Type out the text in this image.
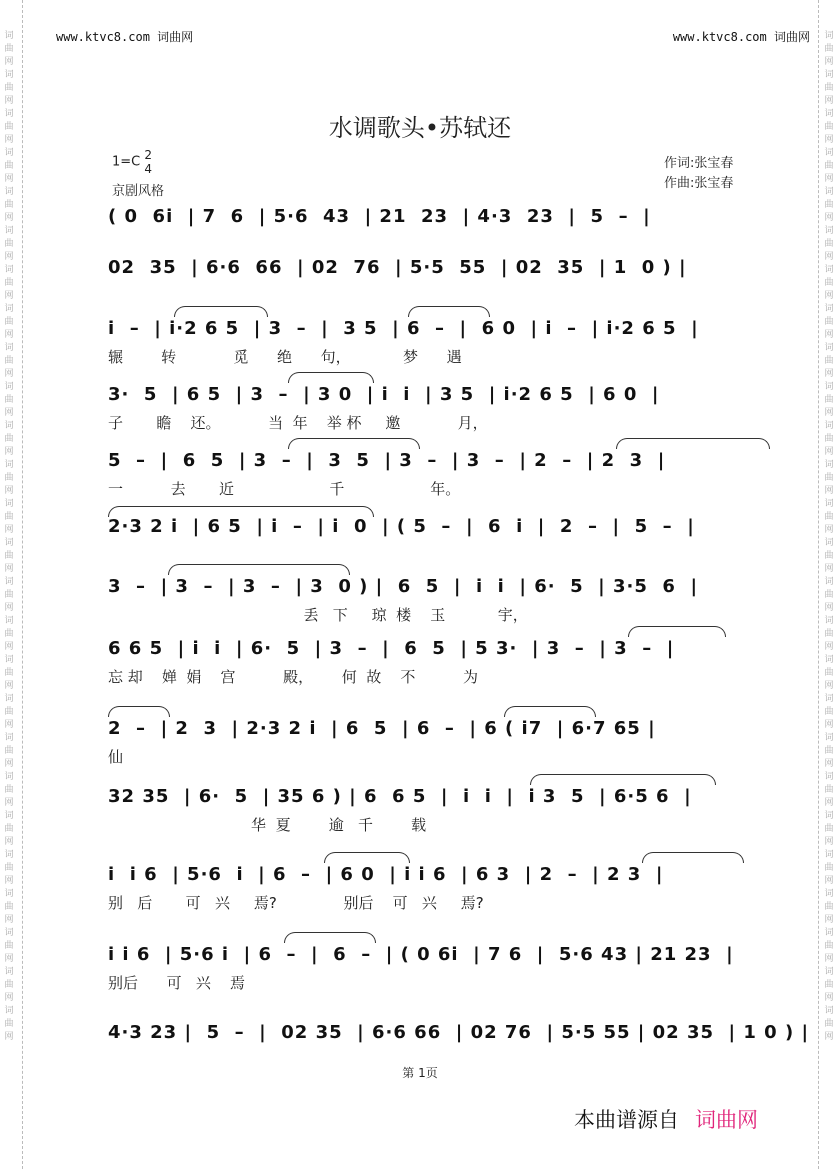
词曲网词曲网词曲网词曲网词曲网词曲网词曲网词曲网词曲网词曲网词曲网词曲网词曲网词曲网词曲网词曲网词曲网词曲网词曲网词曲网词曲网词曲网词曲网词曲网词曲网词曲网
词曲网词曲网词曲网词曲网词曲网词曲网词曲网词曲网词曲网词曲网词曲网词曲网词曲网词曲网词曲网词曲网词曲网词曲网词曲网词曲网词曲网词曲网词曲网词曲网词曲网词曲网
www.ktvc8.com 词曲网	www.ktvc8.com 词曲网
水调歌头•苏轼还
1=C 2
4
京剧风格
作词:张宝春
作曲:张宝春
( 0  6i  | 7  6  | 5·6  43  | 21  23  | 4·3  23  |  5  –  |
02  35  | 6·6  66  | 02  76  | 5·5  55  | 02  35  | 1  0 ) |
i  –  | i·2 6 5  | 3  –  |  3 5  | 6  –  |  6 0  | i  –  | i·2 6 5  |
辗        转            觅      绝      句，           梦      遇
3·  5  | 6 5  | 3  –  | 3 0  | i  i  | 3 5  | i·2 6 5  | 6 0  |
子       瞻    还。          当  年    举 杯     邀            月，
5  –  |  6  5  | 3  –  |  3  5  | 3  –  | 3  –  | 2  –  | 2  3  |
一          去       近                    千                  年。
2·3 2 i  | 6 5  | i  –  | i  0  | ( 5  –  |  6  i  |  2  –  |  5  –  |
3  –  | 3  –  | 3  –  | 3  0 ) |  6  5  |  i  i  | 6·  5  | 3·5  6  |
丢   下     琼  楼    玉           宇，
6 6 5  | i  i  | 6·  5  | 3  –  |  6  5  | 5 3·  | 3  –  | 3  –  |
忘 却    婵  娟    宫          殿，      何  故    不          为
2  –  | 2  3  | 2·3 2 i  | 6  5  | 6  –  | 6 ( i7  | 6·7 65 |
仙
32 35  | 6·  5  | 35 6 ) | 6  6 5  |  i  i  |  i 3  5  | 6·5 6  |
华  夏        逾   千        载
i  i 6  | 5·6  i  | 6  –  | 6 0  | i i 6  | 6 3  | 2  –  | 2 3  |
别   后       可   兴     焉?              别后    可   兴     焉?
i i 6  | 5·6 i  | 6  –  |  6  –  | ( 0 6i  | 7 6  |  5·6 43 | 21 23  |
别后      可   兴    焉
4·3 23 |  5  –  |  02 35  | 6·6 66  | 02 76  | 5·5 55 | 02 35  | 1 0 ) |
第 1页
本曲谱源自 词曲网
